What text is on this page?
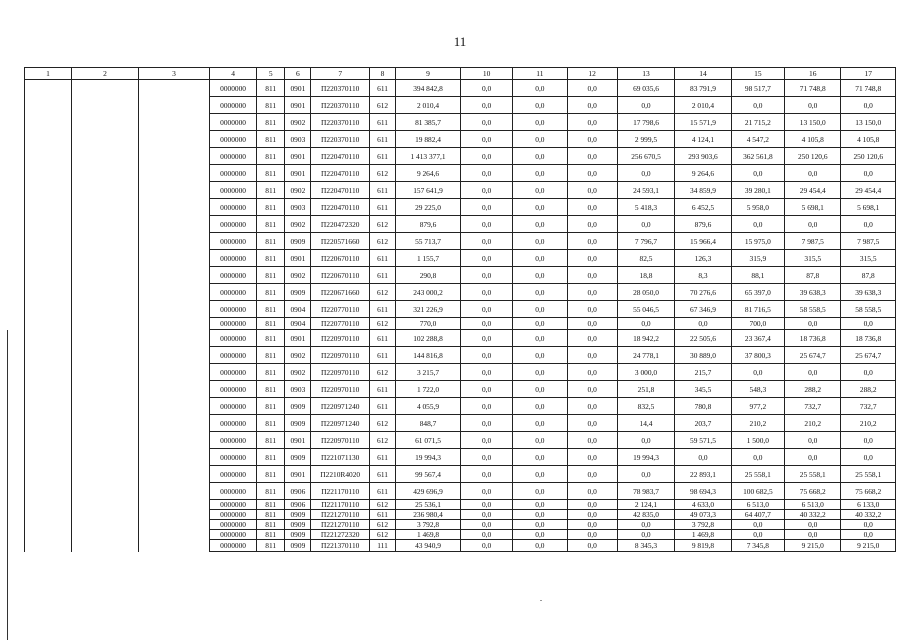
11
1	2	3	4	5	6	7	8	9	10	11	12	13	14	15	16	17
			0000000	811	0901	П220370110	611	394 842,8	0,0	0,0	0,0	69 035,6	83 791,9	98 517,7	71 748,8	71 748,8
			0000000	811	0901	П220370110	612	2 010,4	0,0	0,0	0,0	0,0	2 010,4	0,0	0,0	0,0
			0000000	811	0902	П220370110	611	81 385,7	0,0	0,0	0,0	17 798,6	15 571,9	21 715,2	13 150,0	13 150,0
			0000000	811	0903	П220370110	611	19 882,4	0,0	0,0	0,0	2 999,5	4 124,1	4 547,2	4 105,8	4 105,8
			0000000	811	0901	П220470110	611	1 413 377,1	0,0	0,0	0,0	256 670,5	293 903,6	362 561,8	250 120,6	250 120,6
			0000000	811	0901	П220470110	612	9 264,6	0,0	0,0	0,0	0,0	9 264,6	0,0	0,0	0,0
			0000000	811	0902	П220470110	611	157 641,9	0,0	0,0	0,0	24 593,1	34 859,9	39 280,1	29 454,4	29 454,4
			0000000	811	0903	П220470110	611	29 225,0	0,0	0,0	0,0	5 418,3	6 452,5	5 958,0	5 698,1	5 698,1
			0000000	811	0902	П220472320	612	879,6	0,0	0,0	0,0	0,0	879,6	0,0	0,0	0,0
			0000000	811	0909	П220571660	612	55 713,7	0,0	0,0	0,0	7 796,7	15 966,4	15 975,0	7 987,5	7 987,5
			0000000	811	0901	П220670110	611	1 155,7	0,0	0,0	0,0	82,5	126,3	315,9	315,5	315,5
			0000000	811	0902	П220670110	611	290,8	0,0	0,0	0,0	18,8	8,3	88,1	87,8	87,8
			0000000	811	0909	П220671660	612	243 000,2	0,0	0,0	0,0	28 050,0	70 276,6	65 397,0	39 638,3	39 638,3
			0000000	811	0904	П220770110	611	321 226,9	0,0	0,0	0,0	55 046,5	67 346,9	81 716,5	58 558,5	58 558,5
			0000000	811	0904	П220770110	612	770,0	0,0	0,0	0,0	0,0	0,0	700,0	0,0	0,0
			0000000	811	0901	П220970110	611	102 288,8	0,0	0,0	0,0	18 942,2	22 505,6	23 367,4	18 736,8	18 736,8
			0000000	811	0902	П220970110	611	144 816,8	0,0	0,0	0,0	24 778,1	30 889,0	37 800,3	25 674,7	25 674,7
			0000000	811	0902	П220970110	612	3 215,7	0,0	0,0	0,0	3 000,0	215,7	0,0	0,0	0,0
			0000000	811	0903	П220970110	611	1 722,0	0,0	0,0	0,0	251,8	345,5	548,3	288,2	288,2
			0000000	811	0909	П220971240	611	4 055,9	0,0	0,0	0,0	832,5	780,8	977,2	732,7	732,7
			0000000	811	0909	П220971240	612	848,7	0,0	0,0	0,0	14,4	203,7	210,2	210,2	210,2
			0000000	811	0901	П220970110	612	61 071,5	0,0	0,0	0,0	0,0	59 571,5	1 500,0	0,0	0,0
			0000000	811	0909	П221071130	611	19 994,3	0,0	0,0	0,0	19 994,3	0,0	0,0	0,0	0,0
			0000000	811	0901	П2210R4020	611	99 567,4	0,0	0,0	0,0	0,0	22 893,1	25 558,1	25 558,1	25 558,1
			0000000	811	0906	П221170110	611	429 696,9	0,0	0,0	0,0	78 983,7	98 694,3	100 682,5	75 668,2	75 668,2
			0000000	811	0906	П221170110	612	25 536,1	0,0	0,0	0,0	2 124,1	4 633,0	6 513,0	6 513,0	6 133,0
			0000000	811	0909	П221270110	611	236 980,4	0,0	0,0	0,0	42 835,0	49 073,3	64 407,7	40 332,2	40 332,2
			0000000	811	0909	П221270110	612	3 792,8	0,0	0,0	0,0	0,0	3 792,8	0,0	0,0	0,0
			0000000	811	0909	П221272320	612	1 469,8	0,0	0,0	0,0	0,0	1 469,8	0,0	0,0	0,0
			0000000	811	0909	П221370110	111	43 940,9	0,0	0,0	0,0	8 345,3	9 819,8	7 345,8	9 215,0	9 215,0
